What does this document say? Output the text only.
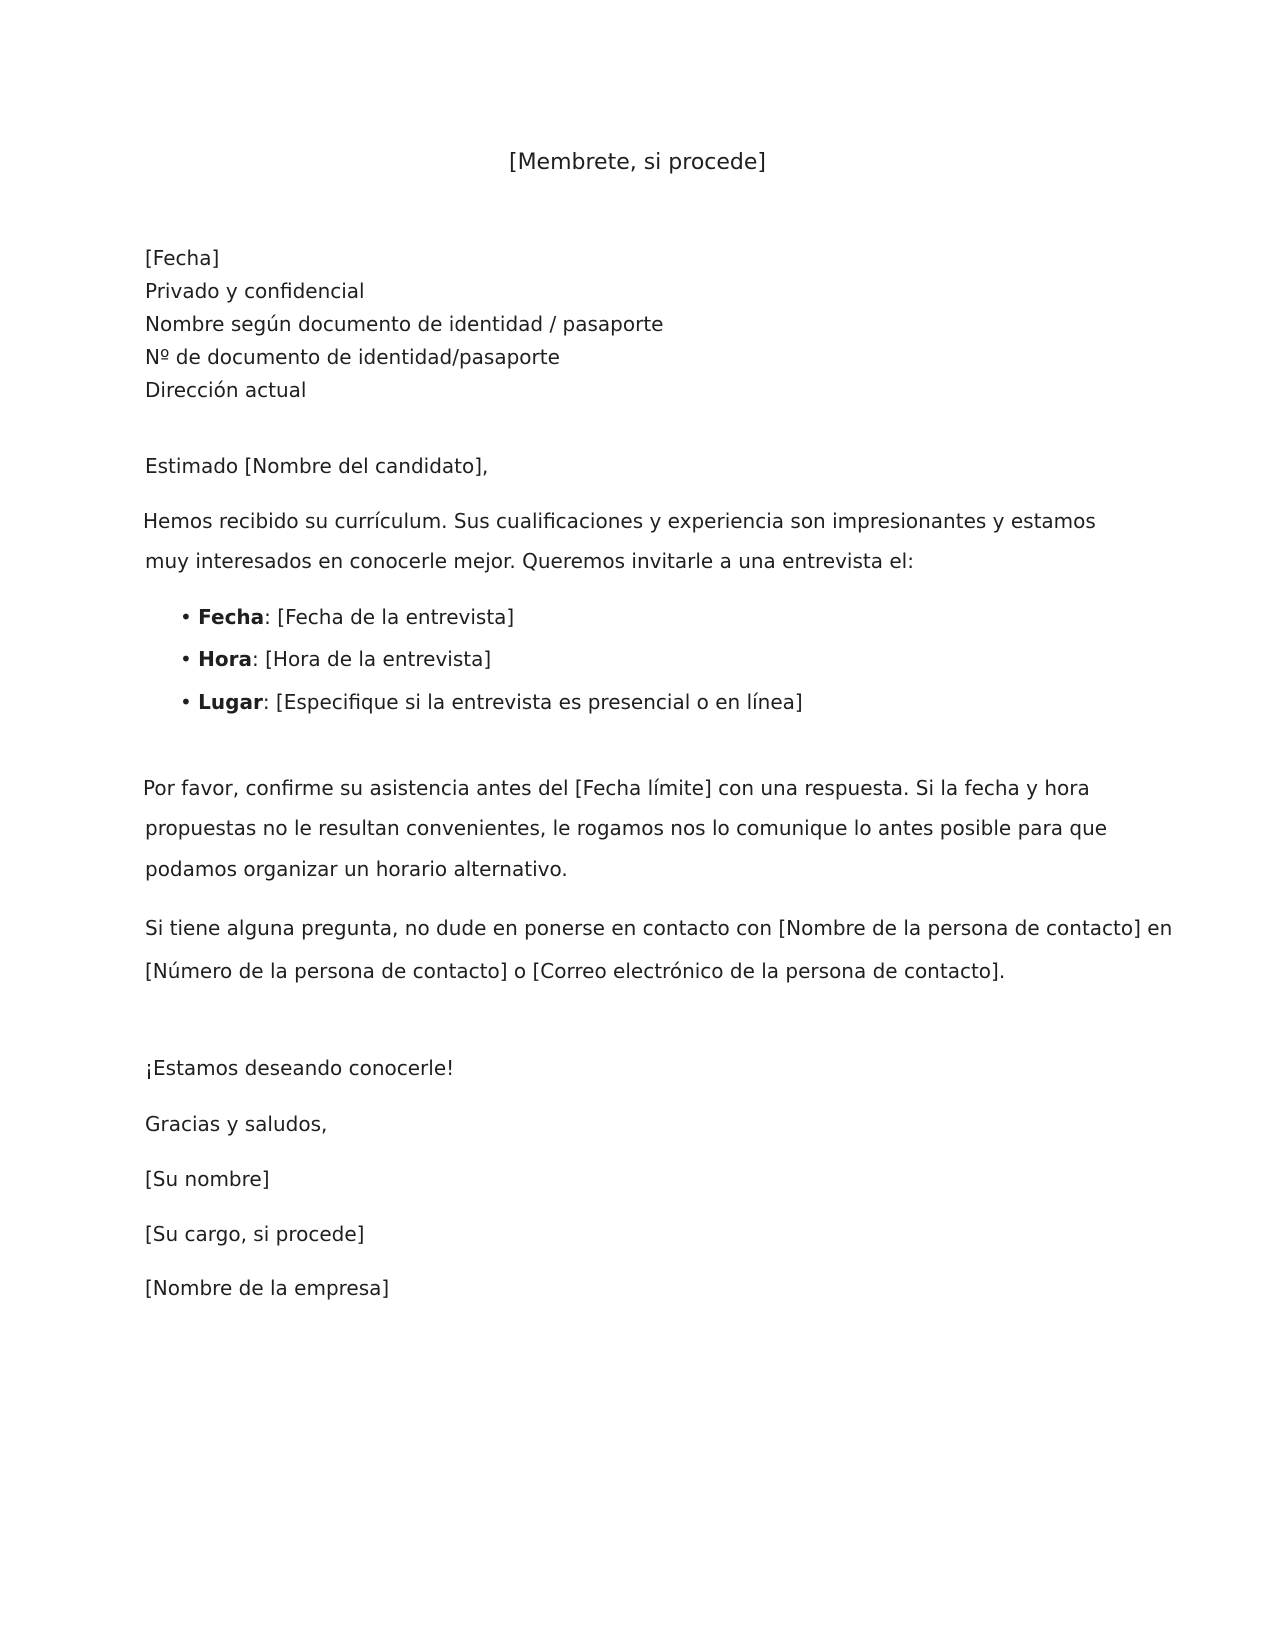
[Membrete, si procede]
[Fecha]
Privado y confidencial
Nombre según documento de identidad / pasaporte
Nº de documento de identidad/pasaporte
Dirección actual
Estimado [Nombre del candidato],
Hemos recibido su currículum. Sus cualificaciones y experiencia son impresionantes y estamos
muy interesados en conocerle mejor. Queremos invitarle a una entrevista el:
• Fecha: [Fecha de la entrevista]
• Hora: [Hora de la entrevista]
• Lugar: [Especifique si la entrevista es presencial o en línea]
Por favor, confirme su asistencia antes del [Fecha límite] con una respuesta. Si la fecha y hora
propuestas no le resultan convenientes, le rogamos nos lo comunique lo antes posible para que
podamos organizar un horario alternativo.
Si tiene alguna pregunta, no dude en ponerse en contacto con [Nombre de la persona de contacto] en
[Número de la persona de contacto] o [Correo electrónico de la persona de contacto].
¡Estamos deseando conocerle!
Gracias y saludos,
[Su nombre]
[Su cargo, si procede]
[Nombre de la empresa]
